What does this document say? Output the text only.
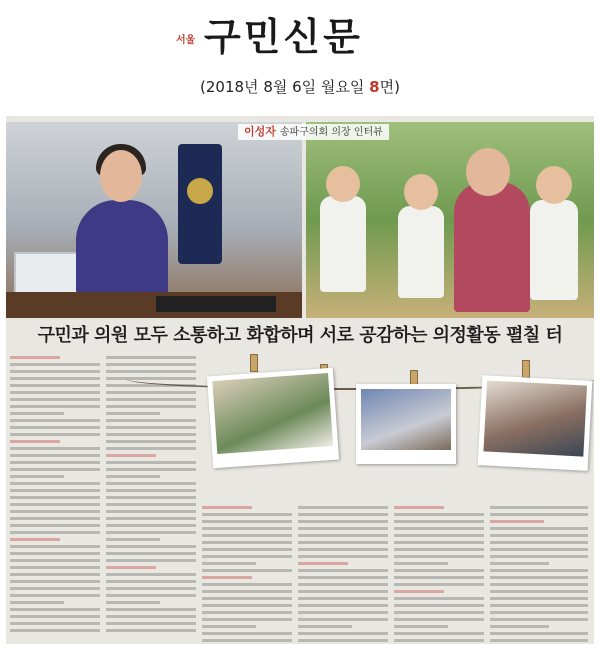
서울 구민신문
(2018년 8월 6일 월요일 8면)
이성자 송파구의회 의장 인터뷰
구민과 의원 모두 소통하고 화합하며 서로 공감하는 의정활동 펼칠 터
